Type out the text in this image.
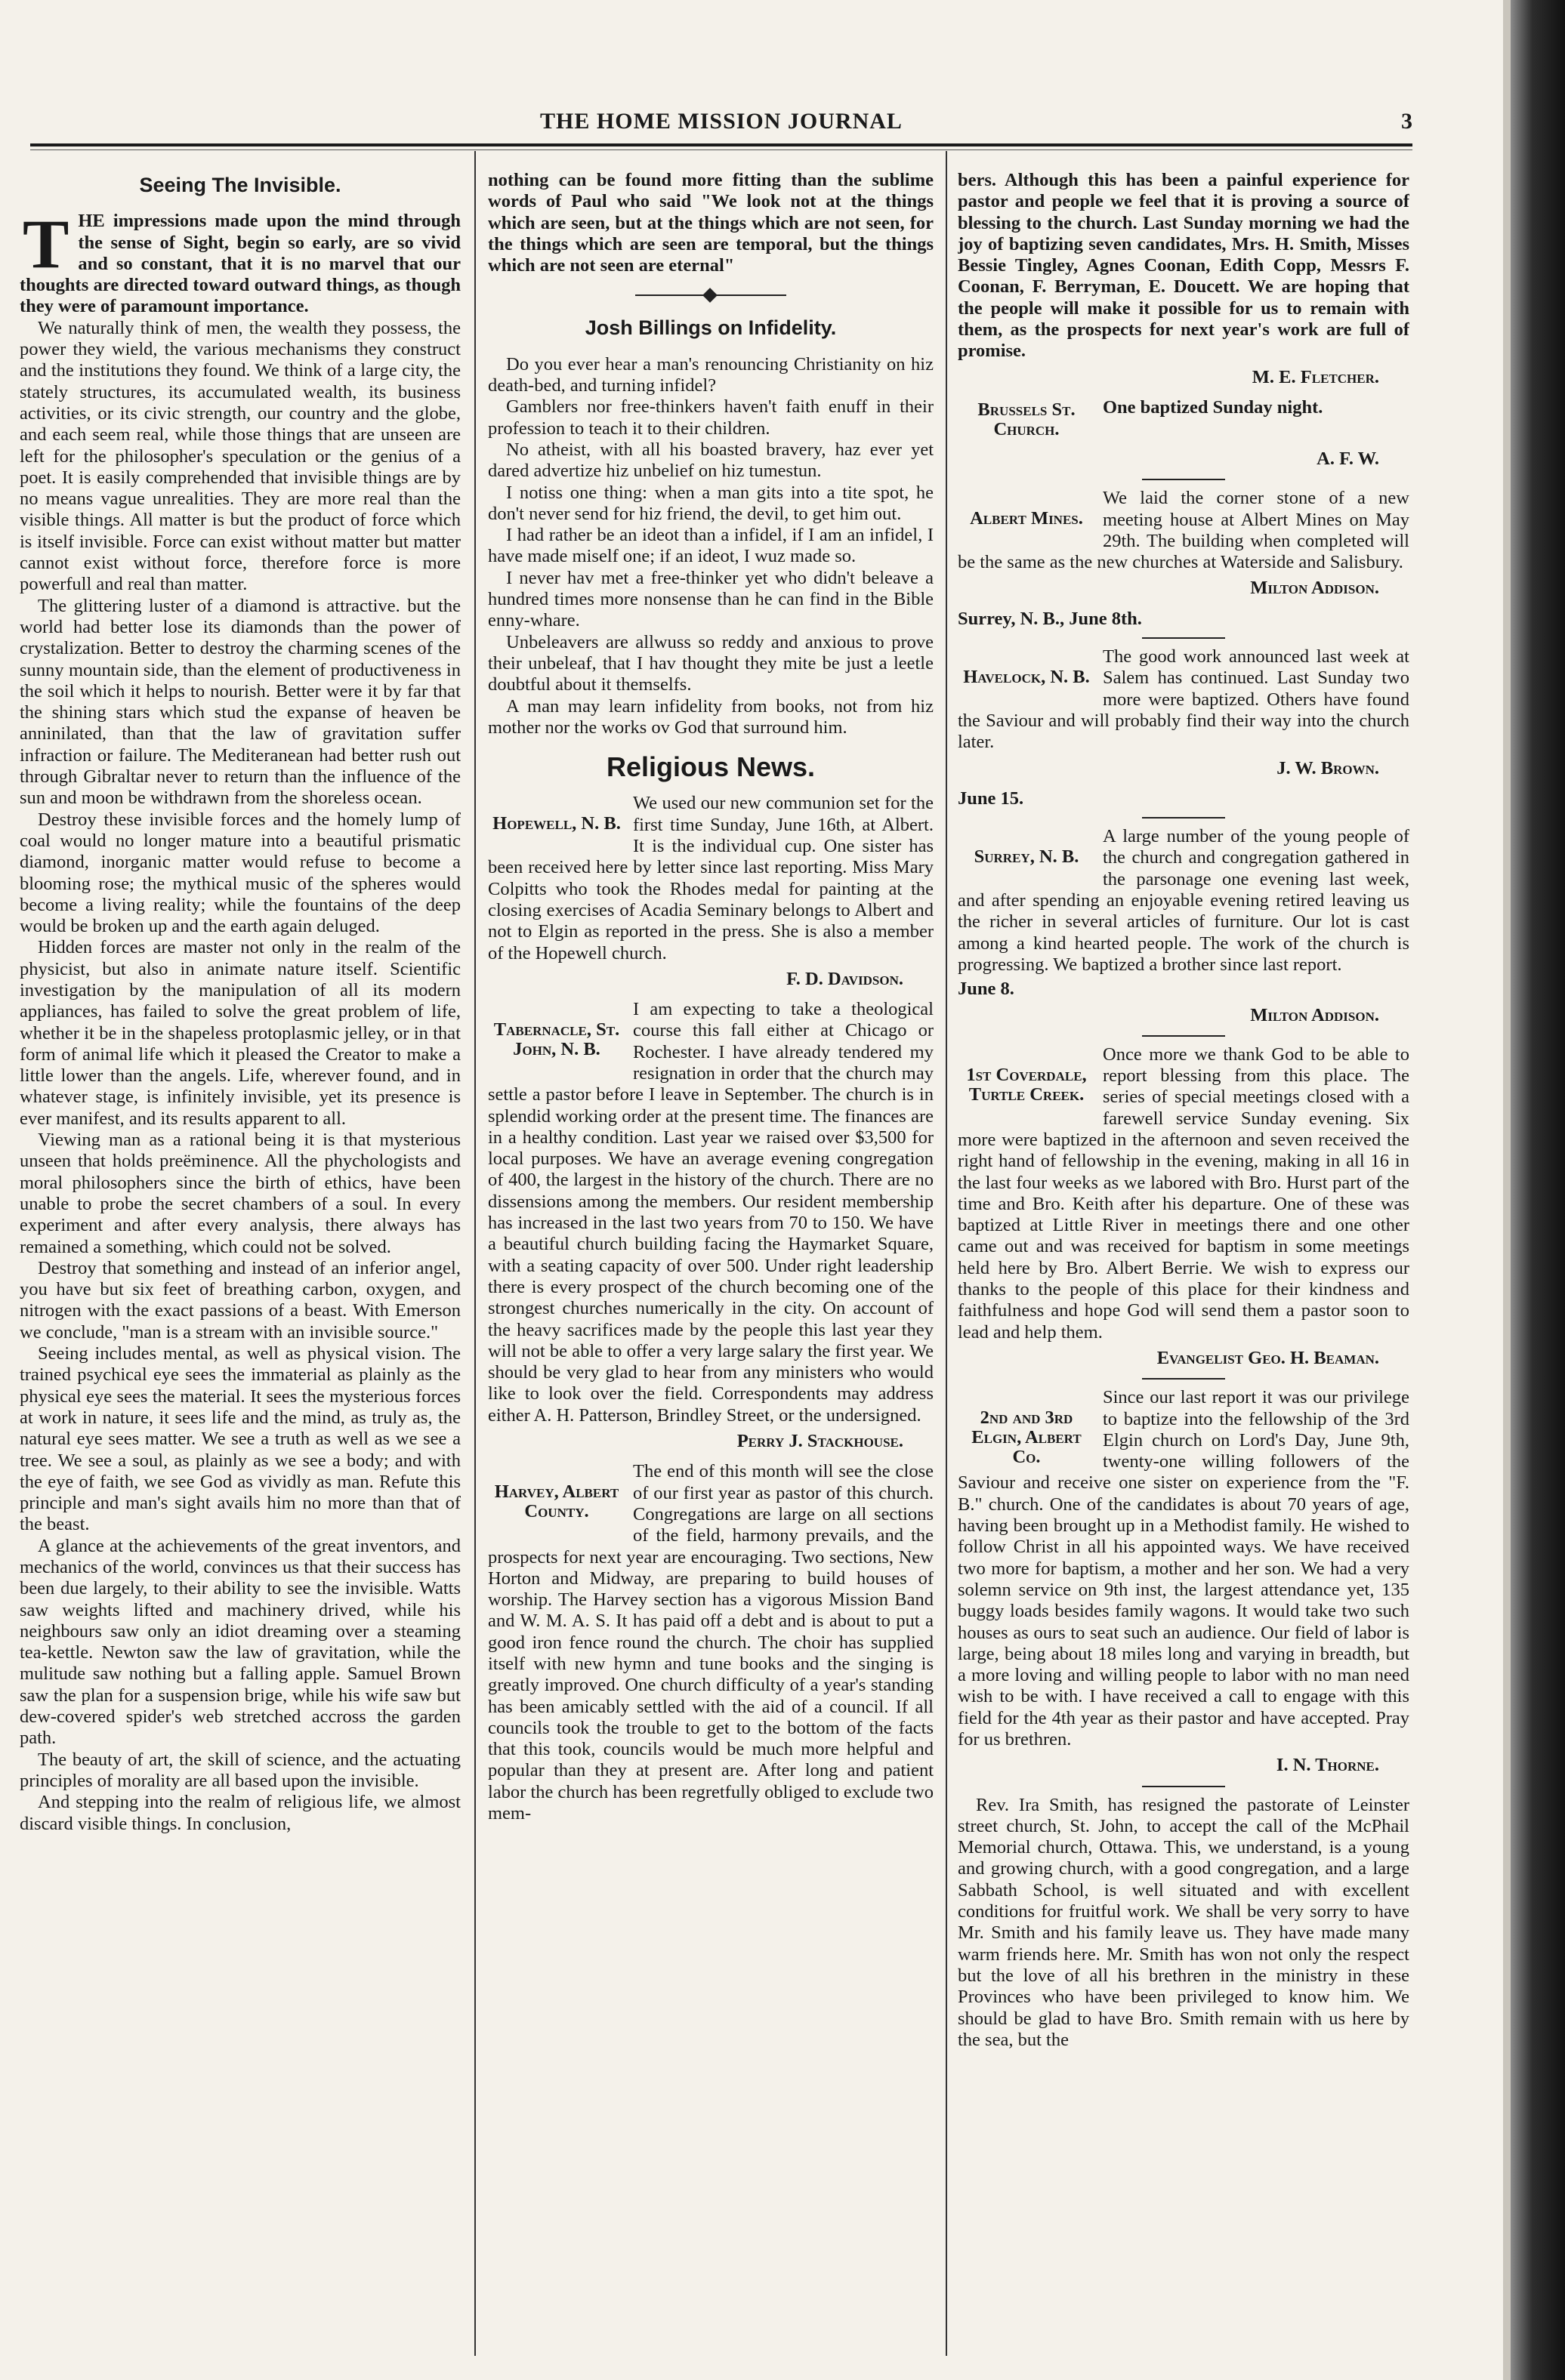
THE HOME MISSION JOURNAL	3

Seeing The Invisible.

T HE impressions made upon the mind through the sense of Sight, begin so early, are so vivid and so constant, that it is no marvel that our thoughts are directed toward outward things, as though they were of paramount importance.

We naturally think of men, the wealth they possess, the power they wield, the various mechanisms they construct and the institutions they found. We think of a large city, the stately structures, its accumulated wealth, its business activities, or its civic strength, our country and the globe, and each seem real, while those things that are unseen are left for the philosopher's speculation or the genius of a poet. It is easily comprehended that invisible things are by no means vague unrealities. They are more real than the visible things. All matter is but the product of force which is itself invisible. Force can exist without matter but matter cannot exist without force, therefore force is more powerfull and real than matter.

The glittering luster of a diamond is attractive. but the world had better lose its diamonds than the power of crystalization. Better to destroy the charming scenes of the sunny mountain side, than the element of productiveness in the soil which it helps to nourish. Better were it by far that the shining stars which stud the expanse of heaven be anninilated, than that the law of gravitation suffer infraction or failure. The Mediteranean had better rush out through Gibraltar never to return than the influence of the sun and moon be withdrawn from the shoreless ocean.

Destroy these invisible forces and the homely lump of coal would no longer mature into a beautiful prismatic diamond, inorganic matter would refuse to become a blooming rose; the mythical music of the spheres would become a living reality; while the fountains of the deep would be broken up and the earth again deluged.

Hidden forces are master not only in the realm of the physicist, but also in animate nature itself. Scientific investigation by the manipulation of all its modern appliances, has failed to solve the great problem of life, whether it be in the shapeless protoplasmic jelley, or in that form of animal life which it pleased the Creator to make a little lower than the angels. Life, wherever found, and in whatever stage, is infinitely invisible, yet its presence is ever manifest, and its results apparent to all.

Viewing man as a rational being it is that mysterious unseen that holds preëminence. All the phychologists and moral philosophers since the birth of ethics, have been unable to probe the secret chambers of a soul. In every experiment and after every analysis, there always has remained a something, which could not be solved.

Destroy that something and instead of an inferior angel, you have but six feet of breathing carbon, oxygen, and nitrogen with the exact passions of a beast. With Emerson we conclude, "man is a stream with an invisible source."

Seeing includes mental, as well as physical vision. The trained psychical eye sees the immaterial as plainly as the physical eye sees the material. It sees the mysterious forces at work in nature, it sees life and the mind, as truly as, the natural eye sees matter. We see a truth as well as we see a tree. We see a soul, as plainly as we see a body; and with the eye of faith, we see God as vividly as man. Refute this principle and man's sight avails him no more than that of the beast.

A glance at the achievements of the great inventors, and mechanics of the world, convinces us that their success has been due largely, to their ability to see the invisible. Watts saw weights lifted and machinery drived, while his neighbours saw only an idiot dreaming over a steaming tea-kettle. Newton saw the law of gravitation, while the mulitude saw nothing but a falling apple. Samuel Brown saw the plan for a suspension brige, while his wife saw but dew-covered spider's web stretched accross the garden path.

The beauty of art, the skill of science, and the actuating principles of morality are all based upon the invisible.

And stepping into the realm of religious life, we almost discard visible things. In conclusion,

nothing can be found more fitting than the sublime words of Paul who said "We look not at the things which are seen, but at the things which are not seen, for the things which are seen are temporal, but the things which are not seen are eternal"

Josh Billings on Infidelity.

Do you ever hear a man's renouncing Christianity on hiz death-bed, and turning infidel?

Gamblers nor free-thinkers haven't faith enuff in their profession to teach it to their children.

No atheist, with all his boasted bravery, haz ever yet dared advertize hiz unbelief on hiz tumestun.

I notiss one thing: when a man gits into a tite spot, he don't never send for hiz friend, the devil, to get him out.

I had rather be an ideot than a infidel, if I am an infidel, I have made miself one; if an ideot, I wuz made so.

I never hav met a free-thinker yet who didn't beleave a hundred times more nonsense than he can find in the Bible enny-whare.

Unbeleavers are allwuss so reddy and anxious to prove their unbeleaf, that I hav thought they mite be just a leetle doubtful about it themselfs.

A man may learn infidelity from books, not from hiz mother nor the works ov God that surround him.

Religious News.

Hopewell, N. B.

We used our new communion set for the first time Sunday, June 16th, at Albert. It is the individual cup. One sister has been received here by letter since last reporting. Miss Mary Colpitts who took the Rhodes medal for painting at the closing exercises of Acadia Seminary belongs to Albert and not to Elgin as reported in the press. She is also a member of the Hopewell church.

F. D. Davidson.

Tabernacle, St. John, N. B.

I am expecting to take a theological course this fall either at Chicago or Rochester. I have already tendered my resignation in order that the church may settle a pastor before I leave in September. The church is in splendid working order at the present time. The finances are in a healthy condition. Last year we raised over $3,500 for local purposes. We have an average evening congregation of 400, the largest in the history of the church. There are no dissensions among the members. Our resident membership has increased in the last two years from 70 to 150. We have a beautiful church building facing the Haymarket Square, with a seating capacity of over 500. Under right leadership there is every prospect of the church becoming one of the strongest churches numerically in the city. On account of the heavy sacrifices made by the people this last year they will not be able to offer a very large salary the first year. We should be very glad to hear from any ministers who would like to look over the field. Correspondents may address either A. H. Patterson, Brindley Street, or the undersigned.

Perry J. Stackhouse.

Harvey, Albert County.

The end of this month will see the close of our first year as pastor of this church. Congregations are large on all sections of the field, harmony prevails, and the prospects for next year are encouraging. Two sections, New Horton and Midway, are preparing to build houses of worship. The Harvey section has a vigorous Mission Band and W. M. A. S. It has paid off a debt and is about to put a good iron fence round the church. The choir has supplied itself with new hymn and tune books and the singing is greatly improved. One church difficulty of a year's standing has been amicably settled with the aid of a council. If all councils took the trouble to get to the bottom of the facts that this took, councils would be much more helpful and popular than they at present are. After long and patient labor the church has been regretfully obliged to exclude two mem-

bers. Although this has been a painful experience for pastor and people we feel that it is proving a source of blessing to the church. Last Sunday morning we had the joy of baptizing seven candidates, Mrs. H. Smith, Misses Bessie Tingley, Agnes Coonan, Edith Copp, Messrs F. Coonan, F. Berryman, E. Doucett. We are hoping that the people will make it possible for us to remain with them, as the prospects for next year's work are full of promise.

M. E. Fletcher.

Brussels St. Church.

One baptized Sunday night.

A. F. W.

Albert Mines.

We laid the corner stone of a new meeting house at Albert Mines on May 29th. The building when completed will be the same as the new churches at Waterside and Salisbury.

Milton Addison.

Surrey, N. B., June 8th.

Havelock, N. B.

The good work announced last week at Salem has continued. Last Sunday two more were baptized. Others have found the Saviour and will probably find their way into the church later.

J. W. Brown.

June 15.

Surrey, N. B.

A large number of the young people of the church and congregation gathered in the parsonage one evening last week, and after spending an enjoyable evening retired leaving us the richer in several articles of furniture. Our lot is cast among a kind hearted people. The work of the church is progressing. We baptized a brother since last report.

June 8.

Milton Addison.

1st Coverdale, Turtle Creek.

Once more we thank God to be able to report blessing from this place. The series of special meetings closed with a farewell service Sunday evening. Six more were baptized in the afternoon and seven received the right hand of fellowship in the evening, making in all 16 in the last four weeks as we labored with Bro. Hurst part of the time and Bro. Keith after his departure. One of these was baptized at Little River in meetings there and one other came out and was received for baptism in some meetings held here by Bro. Albert Berrie. We wish to express our thanks to the people of this place for their kindness and faithfulness and hope God will send them a pastor soon to lead and help them.

Evangelist Geo. H. Beaman.

2nd and 3rd Elgin, Albert Co.

Since our last report it was our privilege to baptize into the fellowship of the 3rd Elgin church on Lord's Day, June 9th, twenty-one willing followers of the Saviour and receive one sister on experience from the "F. B." church. One of the candidates is about 70 years of age, having been brought up in a Methodist family. He wished to follow Christ in all his appointed ways. We have received two more for baptism, a mother and her son. We had a very solemn service on 9th inst, the largest attendance yet, 135 buggy loads besides family wagons. It would take two such houses as ours to seat such an audience. Our field of labor is large, being about 18 miles long and varying in breadth, but a more loving and willing people to labor with no man need wish to be with. I have received a call to engage with this field for the 4th year as their pastor and have accepted. Pray for us brethren.

I. N. Thorne.

Rev. Ira Smith, has resigned the pastorate of Leinster street church, St. John, to accept the call of the McPhail Memorial church, Ottawa. This, we understand, is a young and growing church, with a good congregation, and a large Sabbath School, is well situated and with excellent conditions for fruitful work. We shall be very sorry to have Mr. Smith and his family leave us. They have made many warm friends here. Mr. Smith has won not only the respect but the love of all his brethren in the ministry in these Provinces who have been privileged to know him. We should be glad to have Bro. Smith remain with us here by the sea, but the
